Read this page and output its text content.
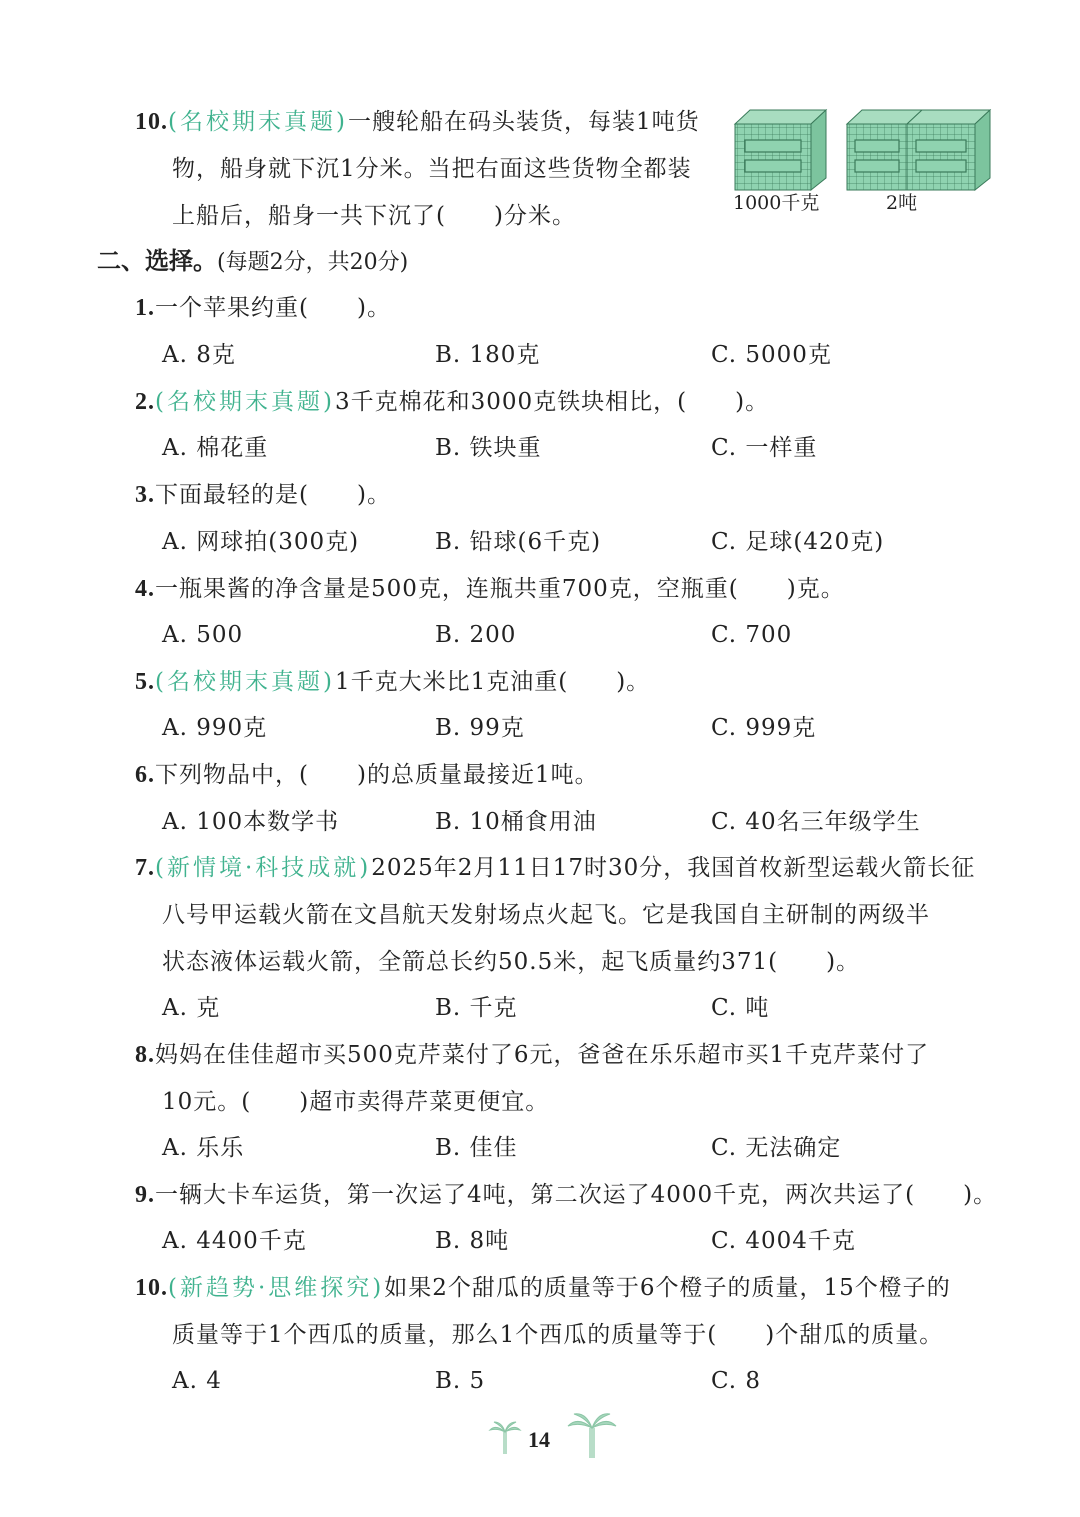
10.(名校期末真题)一艘轮船在码头装货，每装1吨货
物，船身就下沉1分米。当把右面这些货物全都装
上船后，船身一共下沉了(　　)分米。	1000千克	2吨
二、选择。(每题2分，共20分)
1.一个苹果约重(　　)。
A. 8克	B. 180克	C. 5000克
2.(名校期末真题)3千克棉花和3000克铁块相比，(　　)。
A. 棉花重	B. 铁块重	C. 一样重
3.下面最轻的是(　　)。
A. 网球拍(300克)	B. 铅球(6千克)	C. 足球(420克)
4.一瓶果酱的净含量是500克，连瓶共重700克，空瓶重(　　)克。
A. 500	B. 200	C. 700
5.(名校期末真题)1千克大米比1克油重(　　)。
A. 990克	B. 99克	C. 999克
6.下列物品中，(　　)的总质量最接近1吨。
A. 100本数学书	B. 10桶食用油	C. 40名三年级学生
7.(新情境·科技成就)2025年2月11日17时30分，我国首枚新型运载火箭长征
八号甲运载火箭在文昌航天发射场点火起飞。它是我国自主研制的两级半
状态液体运载火箭，全箭总长约50.5米，起飞质量约371(　　)。
A. 克	B. 千克	C. 吨
8.妈妈在佳佳超市买500克芹菜付了6元，爸爸在乐乐超市买1千克芹菜付了
10元。(　　)超市卖得芹菜更便宜。
A. 乐乐	B. 佳佳	C. 无法确定
9.一辆大卡车运货，第一次运了4吨，第二次运了4000千克，两次共运了(　　)。
A. 4400千克	B. 8吨	C. 4004千克
10.(新趋势·思维探究)如果2个甜瓜的质量等于6个橙子的质量，15个橙子的
质量等于1个西瓜的质量，那么1个西瓜的质量等于(　　)个甜瓜的质量。
A. 4	B. 5	C. 8
14
